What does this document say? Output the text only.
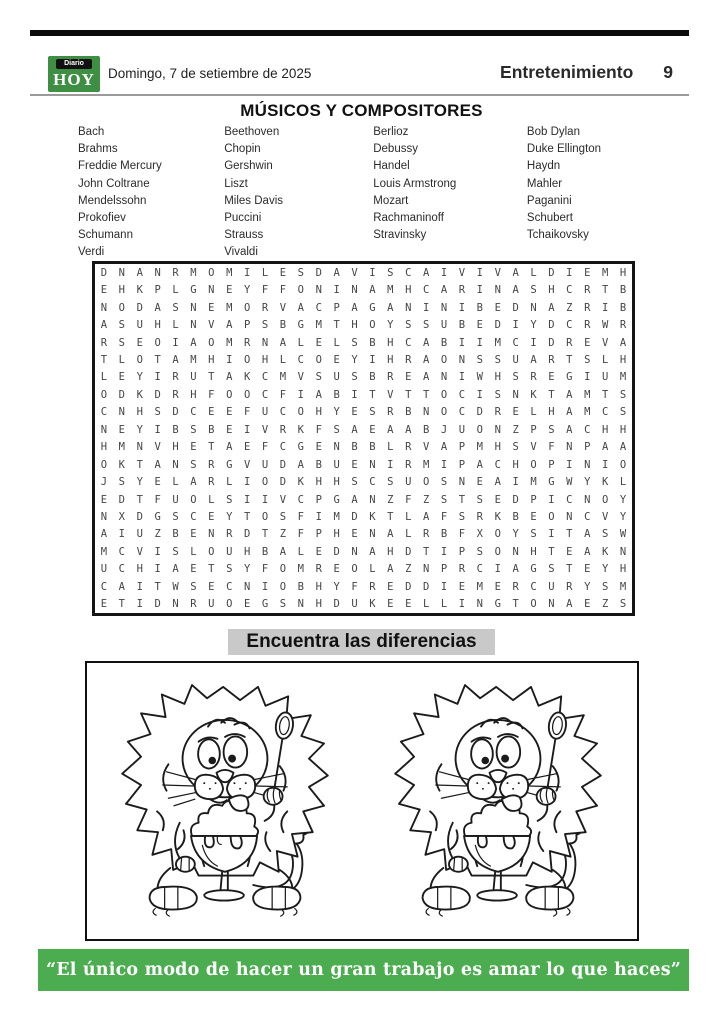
Diario
HOY Domingo, 7 de setiembre de 2025	Entretenimiento 9
MÚSICOS Y COMPOSITORES
Bach
Brahms
Freddie Mercury
John Coltrane
Mendelssohn
Prokofiev
Schumann
Verdi
Beethoven
Chopin
Gershwin
Liszt
Miles Davis
Puccini
Strauss
Vivaldi
Berlioz
Debussy
Handel
Louis Armstrong
Mozart
Rachmaninoff
Stravinsky
Bob Dylan
Duke Ellington
Haydn
Mahler
Paganini
Schubert
Tchaikovsky
D	N	A	N	R	M	O	M	I	L	E	S	D	A	V	I	S	C	A	I	V	I	V	A	L	D	I	E	M	H
E	H	K	P	L	G	N	E	Y	F	F	O	N	I	N	A	M	H	C	A	R	I	N	A	S	H	C	R	T	B
N	O	D	A	S	N	E	M	O	R	V	A	C	P	A	G	A	N	I	N	I	B	E	D	N	A	Z	R	I	B
A	S	U	H	L	N	V	A	P	S	B	G	M	T	H	O	Y	S	S	U	B	E	D	I	Y	D	C	R	W	R
R	S	E	O	I	A	O	M	R	N	A	L	E	L	S	B	H	C	A	B	I	I	M	C	I	D	R	E	V	A
T	L	O	T	A	M	H	I	O	H	L	C	O	E	Y	I	H	R	A	O	N	S	S	U	A	R	T	S	L	H
L	E	Y	I	R	U	T	A	K	C	M	V	S	U	S	B	R	E	A	N	I	W	H	S	R	E	G	I	U	M
O	D	K	D	R	H	F	O	O	C	F	I	A	B	I	T	V	T	T	O	C	I	S	N	K	T	A	M	T	S
C	N	H	S	D	C	E	E	F	U	C	O	H	Y	E	S	R	B	N	O	C	D	R	E	L	H	A	M	C	S
N	E	Y	I	B	S	B	E	I	V	R	K	F	S	A	E	A	A	B	J	U	O	N	Z	P	S	A	C	H	H
H	M	N	V	H	E	T	A	E	F	C	G	E	N	B	B	L	R	V	A	P	M	H	S	V	F	N	P	A	A
O	K	T	A	N	S	R	G	V	U	D	A	B	U	E	N	I	R	M	I	P	A	C	H	O	P	I	N	I	O
J	S	Y	E	L	A	R	L	I	O	D	K	H	H	S	C	S	U	O	S	N	E	A	I	M	G	W	Y	K	L
E	D	T	F	U	O	L	S	I	I	V	C	P	G	A	N	Z	F	Z	S	T	S	E	D	P	I	C	N	O	Y
N	X	D	G	S	C	E	Y	T	O	S	F	I	M	D	K	T	L	A	F	S	R	K	B	E	O	N	C	V	Y
A	I	U	Z	B	E	N	R	D	T	Z	F	P	H	E	N	A	L	R	B	F	X	O	Y	S	I	T	A	S	W
M	C	V	I	S	L	O	U	H	B	A	L	E	D	N	A	H	D	T	I	P	S	O	N	H	T	E	A	K	N
U	C	H	I	A	E	T	S	Y	F	O	M	R	E	O	L	A	Z	N	P	R	C	I	A	G	S	T	E	Y	H
C	A	I	T	W	S	E	C	N	I	O	B	H	Y	F	R	E	D	D	I	E	M	E	R	C	U	R	Y	S	M
E	T	I	D	N	R	U	O	E	G	S	N	H	D	U	K	E	E	L	L	I	N	G	T	O	N	A	E	Z	S
Encuentra las diferencias
“El único modo de hacer un gran trabajo es amar lo que haces”
